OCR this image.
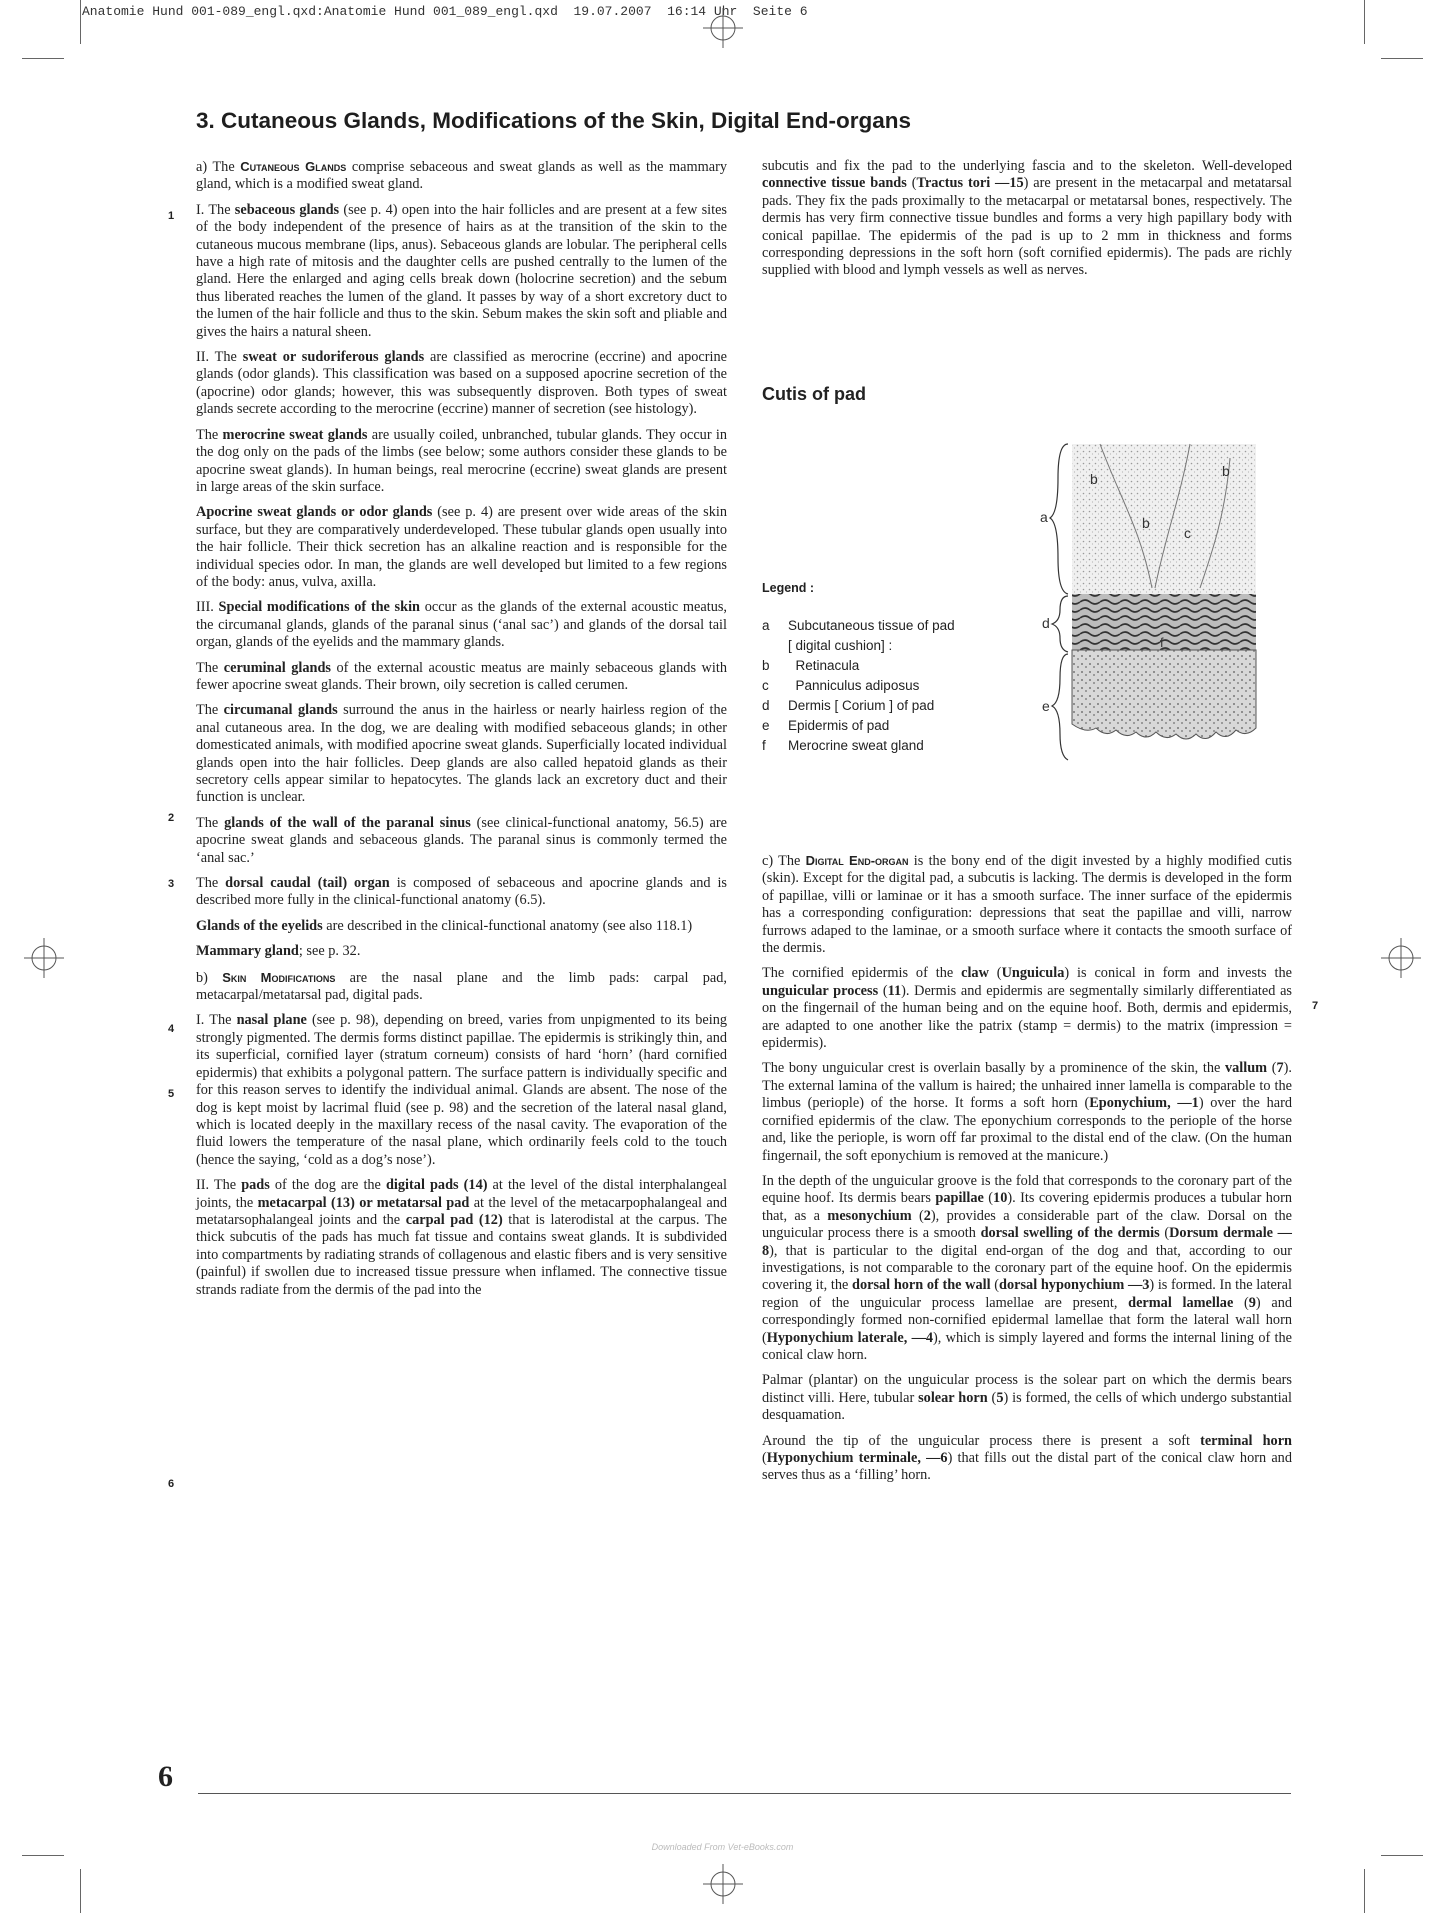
Anatomie Hund 001-089_engl.qxd:Anatomie Hund 001_089_engl.qxd  19.07.2007  16:14 Uhr  Seite 6
3. Cutaneous Glands, Modifications of the Skin, Digital End-organs
1
2
3
4
5
6
7

a) The Cutaneous Glands comprise sebaceous and sweat glands as well as the mammary gland, which is a modified sweat gland.

I. The sebaceous glands (see p. 4) open into the hair follicles and are present at a few sites of the body independent of the presence of hairs as at the transition of the skin to the cutaneous mucous membrane (lips, anus). Sebaceous glands are lobular. The peripheral cells have a high rate of mitosis and the daughter cells are pushed centrally to the lumen of the gland. Here the enlarged and aging cells break down (holocrine secretion) and the sebum thus liberated reaches the lumen of the gland. It passes by way of a short excretory duct to the lumen of the hair follicle and thus to the skin. Sebum makes the skin soft and pliable and gives the hairs a natural sheen.

II. The sweat or sudoriferous glands are classified as merocrine (eccrine) and apocrine glands (odor glands). This classification was based on a supposed apocrine secretion of the (apocrine) odor glands; however, this was subsequently disproven. Both types of sweat glands secrete according to the merocrine (eccrine) manner of secretion (see histology).

The merocrine sweat glands are usually coiled, unbranched, tubular glands. They occur in the dog only on the pads of the limbs (see below; some authors consider these glands to be apocrine sweat glands). In human beings, real merocrine (eccrine) sweat glands are present in large areas of the skin surface.

Apocrine sweat glands or odor glands (see p. 4) are present over wide areas of the skin surface, but they are comparatively underdeveloped. These tubular glands open usually into the hair follicle. Their thick secretion has an alkaline reaction and is responsible for the individual species odor. In man, the glands are well developed but limited to a few regions of the body: anus, vulva, axilla.

III. Special modifications of the skin occur as the glands of the external acoustic meatus, the circumanal glands, glands of the paranal sinus (‘anal sac’) and glands of the dorsal tail organ, glands of the eyelids and the mammary glands.

The ceruminal glands of the external acoustic meatus are mainly sebaceous glands with fewer apocrine sweat glands. Their brown, oily secretion is called cerumen.

The circumanal glands surround the anus in the hairless or nearly hairless region of the anal cutaneous area. In the dog, we are dealing with modified sebaceous glands; in other domesticated animals, with modified apocrine sweat glands. Superficially located individual glands open into the hair follicles. Deep glands are also called hepatoid glands as their secretory cells appear similar to hepatocytes. The glands lack an excretory duct and their function is unclear.

The glands of the wall of the paranal sinus (see clinical-functional anatomy, 56.5) are apocrine sweat glands and sebaceous glands. The paranal sinus is commonly termed the ‘anal sac.’

The dorsal caudal (tail) organ is composed of sebaceous and apocrine glands and is described more fully in the clinical-functional anatomy (6.5).

Glands of the eyelids are described in the clinical-functional anatomy (see also 118.1)

Mammary gland; see p. 32.

b) Skin Modifications are the nasal plane and the limb pads: carpal pad, metacarpal/metatarsal pad, digital pads.

I. The nasal plane (see p. 98), depending on breed, varies from unpigmented to its being strongly pigmented. The dermis forms distinct papillae. The epidermis is strikingly thin, and its superficial, cornified layer (stratum corneum) consists of hard ‘horn’ (hard cornified epidermis) that exhibits a polygonal pattern. The surface pattern is individually specific and for this reason serves to identify the individual animal. Glands are absent. The nose of the dog is kept moist by lacrimal fluid (see p. 98) and the secretion of the lateral nasal gland, which is located deeply in the maxillary recess of the nasal cavity. The evaporation of the fluid lowers the temperature of the nasal plane, which ordinarily feels cold to the touch (hence the saying, ‘cold as a dog’s nose’).

II. The pads of the dog are the digital pads (14) at the level of the distal interphalangeal joints, the metacarpal (13) or metatarsal pad at the level of the metacarpophalangeal and metatarsophalangeal joints and the carpal pad (12) that is laterodistal at the carpus. The thick subcutis of the pads has much fat tissue and contains sweat glands. It is subdivided into compartments by radiating strands of collagenous and elastic fibers and is very sensitive (painful) if swollen due to increased tissue pressure when inflamed. The connective tissue strands radiate from the dermis of the pad into the

subcutis and fix the pad to the underlying fascia and to the skeleton. Well-developed connective tissue bands (Tractus tori —15) are present in the metacarpal and metatarsal pads. They fix the pads proximally to the metacarpal or metatarsal bones, respectively. The dermis has very firm connective tissue bundles and forms a very high papillary body with conical papillae. The epidermis of the pad is up to 2 mm in thickness and forms corresponding depressions in the soft horn (soft cornified epidermis). The pads are richly supplied with blood and lymph vessels as well as nerves.

Cutis of pad
Legend :
a	Subcutaneous tissue of pad
[ digital cushion] :
b	Retinacula
c	Panniculus adiposus
d	Dermis [ Corium ] of pad
e	Epidermis of pad
f	Merocrine sweat gland
a
d
e
b	b
b
c
f

c) The Digital End-organ is the bony end of the digit invested by a highly modified cutis (skin). Except for the digital pad, a subcutis is lacking. The dermis is developed in the form of papillae, villi or laminae or it has a smooth surface. The inner surface of the epidermis has a corresponding configuration: depressions that seat the papillae and villi, narrow furrows adaped to the laminae, or a smooth surface where it contacts the smooth surface of the dermis.

The cornified epidermis of the claw (Unguicula) is conical in form and invests the unguicular process (11). Dermis and epidermis are segmentally similarly differentiated as on the fingernail of the human being and on the equine hoof. Both, dermis and epidermis, are adapted to one another like the patrix (stamp = dermis) to the matrix (impression = epidermis).

The bony unguicular crest is overlain basally by a prominence of the skin, the vallum (7). The external lamina of the vallum is haired; the unhaired inner lamella is comparable to the limbus (periople) of the horse. It forms a soft horn (Eponychium, —1) over the hard cornified epidermis of the claw. The eponychium corresponds to the periople of the horse and, like the periople, is worn off far proximal to the distal end of the claw. (On the human fingernail, the soft eponychium is removed at the manicure.)

In the depth of the unguicular groove is the fold that corresponds to the coronary part of the equine hoof. Its dermis bears papillae (10). Its covering epidermis produces a tubular horn that, as a mesonychium (2), provides a considerable part of the claw. Dorsal on the unguicular process there is a smooth dorsal swelling of the dermis (Dorsum dermale —8), that is particular to the digital end-organ of the dog and that, according to our investigations, is not comparable to the coronary part of the equine hoof. On the epidermis covering it, the dorsal horn of the wall (dorsal hyponychium —3) is formed. In the lateral region of the unguicular process lamellae are present, dermal lamellae (9) and correspondingly formed non-cornified epidermal lamellae that form the lateral wall horn (Hyponychium laterale, —4), which is simply layered and forms the internal lining of the conical claw horn.

Palmar (plantar) on the unguicular process is the solear part on which the dermis bears distinct villi. Here, tubular solear horn (5) is formed, the cells of which undergo substantial desquamation.

Around the tip of the unguicular process there is present a soft terminal horn (Hyponychium terminale, —6) that fills out the distal part of the conical claw horn and serves thus as a ‘filling’ horn.

6
Downloaded From Vet-eBooks.com
